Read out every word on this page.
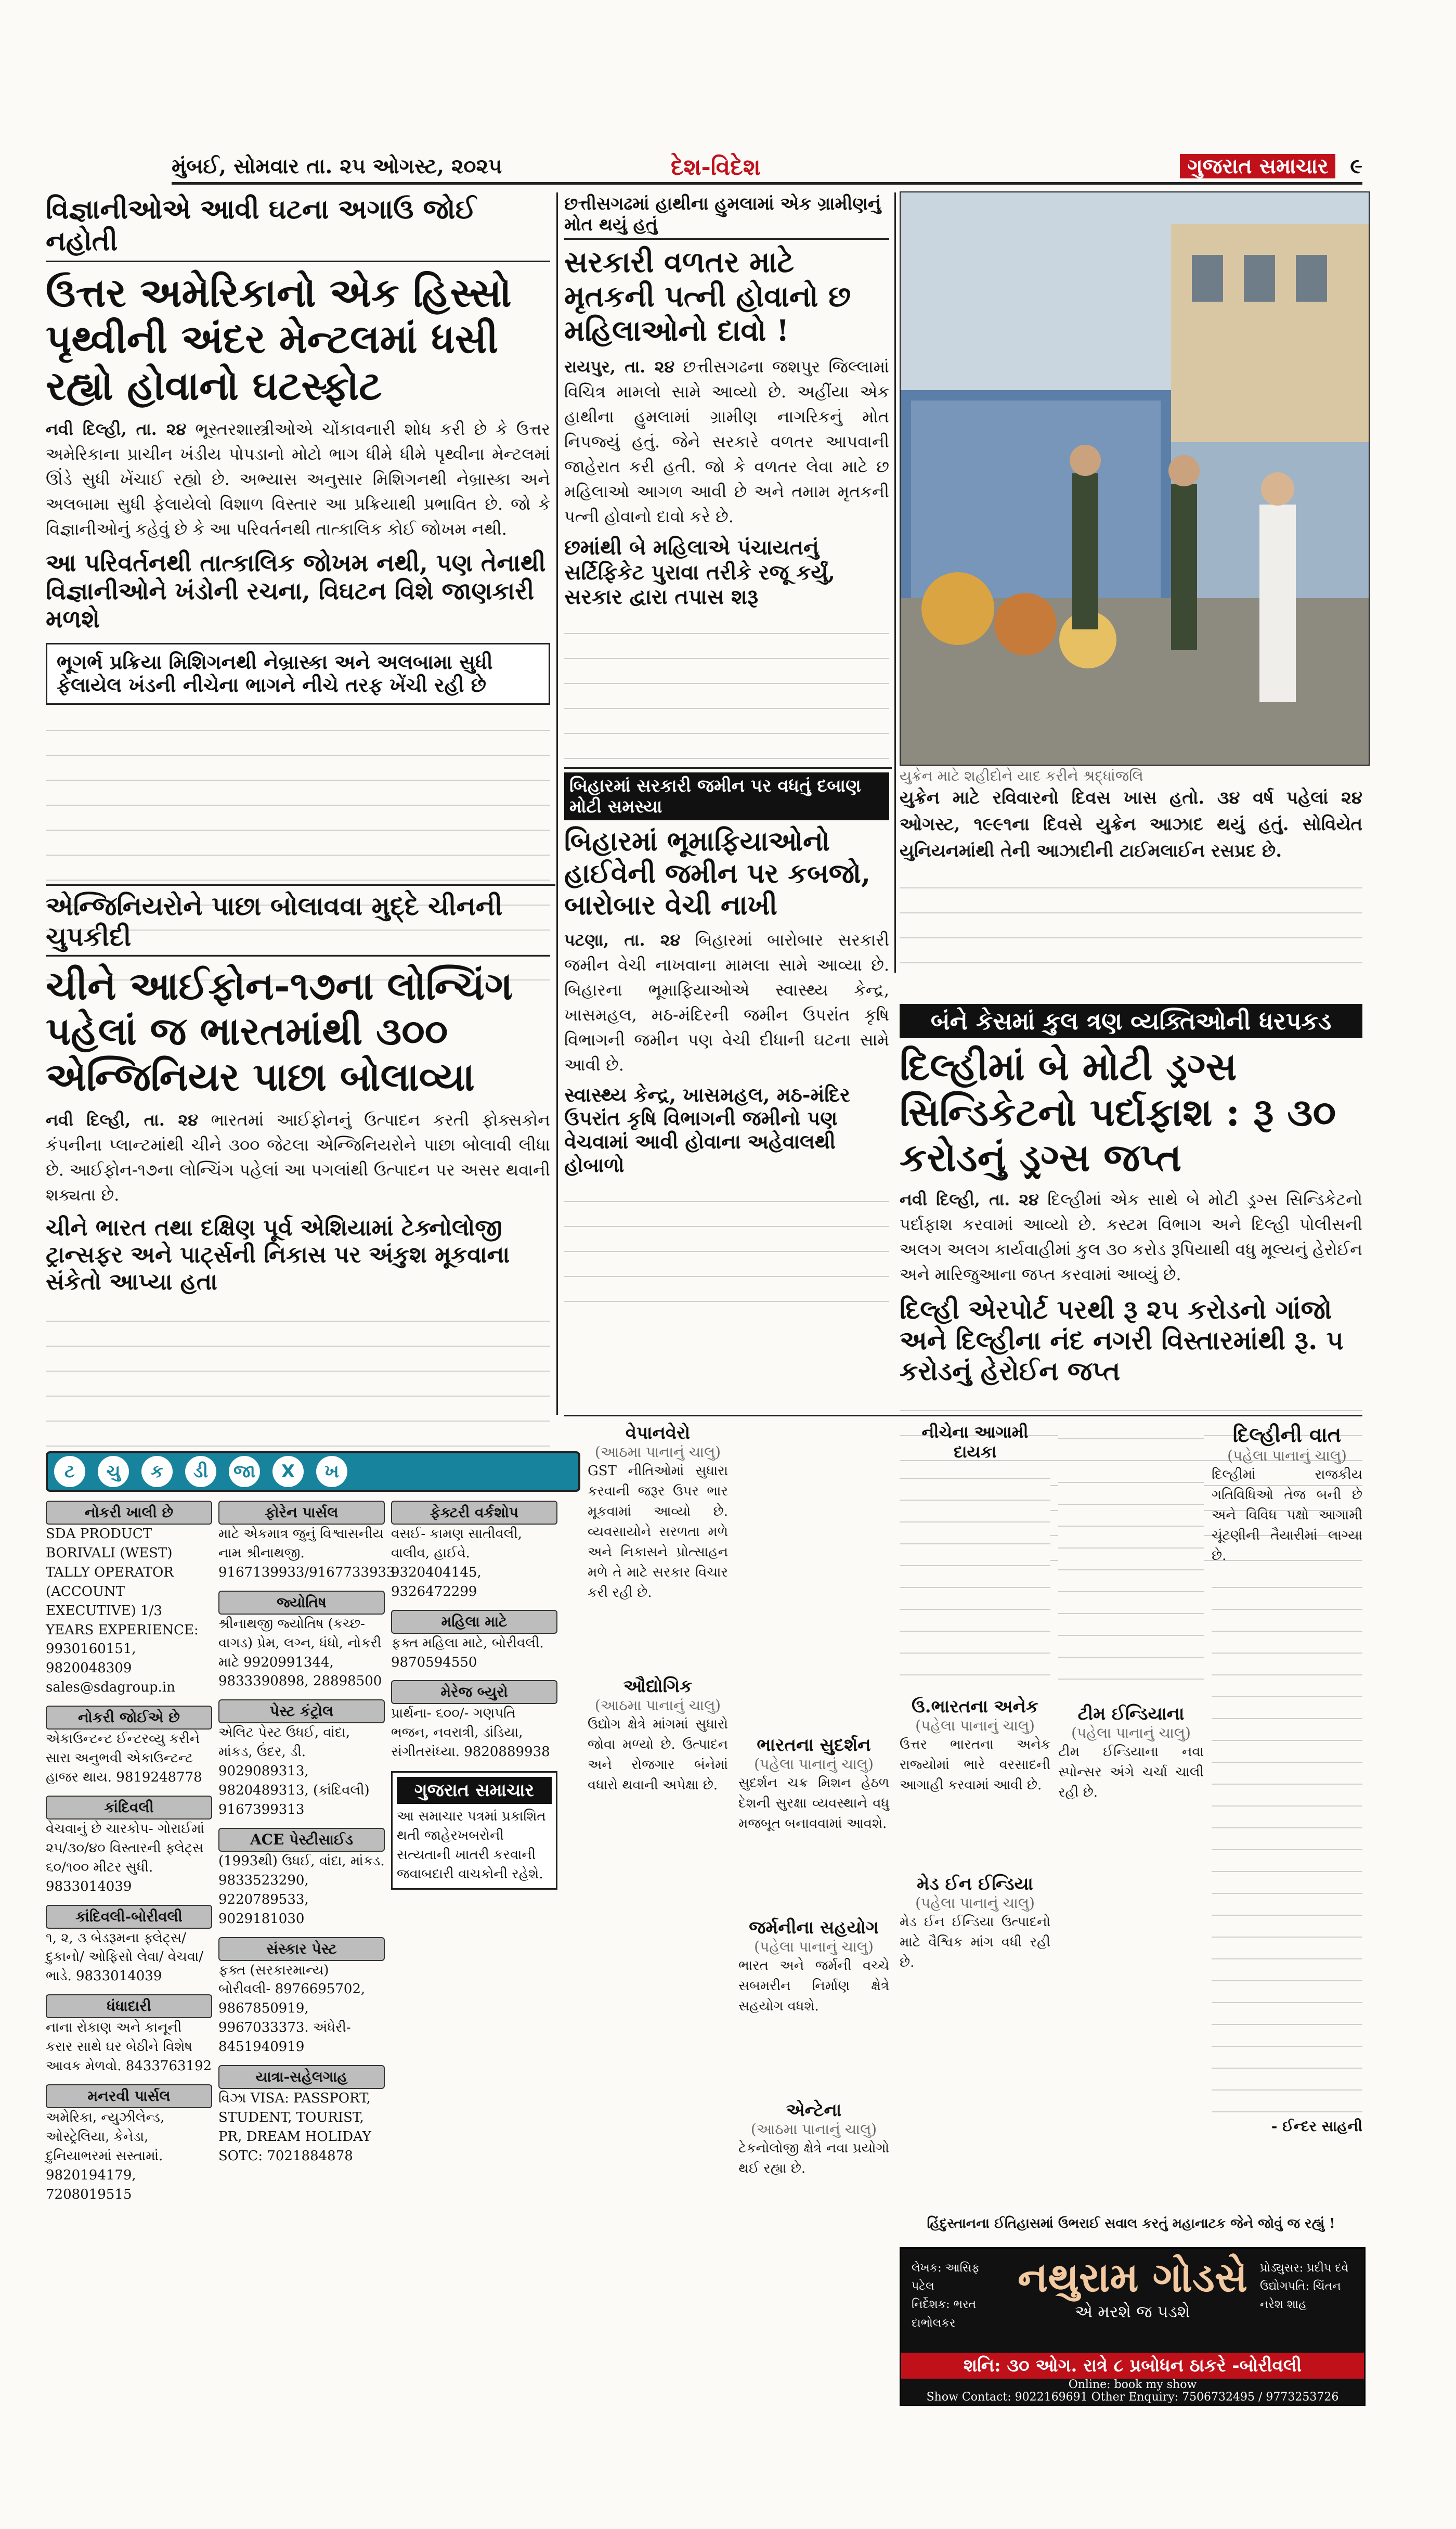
મુંબઈ, સોમવાર તા. ૨૫ ઓગસ્ટ, ૨૦૨૫	દેશ-વિદેશ	ગુજરાત સમાચાર ૯
વિજ્ઞાનીઓએ આવી ઘટના અગાઉ જોઈ નહોતી
ઉત્તર અમેરિકાનો એક હિસ્સો પૃથ્વીની અંદર મેન્ટલમાં ધસી રહ્યો હોવાનો ઘટસ્ફોટ
નવી દિલ્હી, તા. ૨૪ ભૂસ્તરશાસ્ત્રીઓએ ચોંકાવનારી શોધ કરી છે કે ઉત્તર અમેરિકાના પ્રાચીન ખંડીય પોપડાનો મોટો ભાગ ધીમે ધીમે પૃથ્વીના મેન્ટલમાં ઊંડે સુધી ખેંચાઈ રહ્યો છે. અભ્યાસ અનુસાર મિશિગનથી નેબ્રાસ્કા અને અલબામા સુધી ફેલાયેલો વિશાળ વિસ્તાર આ પ્રક્રિયાથી પ્રભાવિત છે. જો કે વિજ્ઞાનીઓનું કહેવું છે કે આ પરિવર્તનથી તાત્કાલિક કોઈ જોખમ નથી.
આ પરિવર્તનથી તાત્કાલિક જોખમ નથી, પણ તેનાથી વિજ્ઞાનીઓને ખંડોની રચના, વિઘટન વિશે જાણકારી મળશે
ભૂગર્ભ પ્રક્રિયા મિશિગનથી નેબ્રાસ્કા અને અલબામા સુધી ફેલાયેલ ખંડની નીચેના ભાગને નીચે તરફ ખેંચી રહી છે
એન્જિનિયરોને પાછા બોલાવવા મુદ્દે ચીનની ચુપકીદી
ચીને આઈફોન-૧૭ના લોન્ચિંગ પહેલાં જ ભારતમાંથી ૩૦૦ એન્જિનિયર પાછા બોલાવ્યા
નવી દિલ્હી, તા. ૨૪ ભારતમાં આઈફોનનું ઉત્પાદન કરતી ફોક્સકોન કંપનીના પ્લાન્ટમાંથી ચીને ૩૦૦ જેટલા એન્જિનિયરોને પાછા બોલાવી લીધા છે. આઈફોન-૧૭ના લોન્ચિંગ પહેલાં આ પગલાંથી ઉત્પાદન પર અસર થવાની શક્યતા છે.
ચીને ભારત તથા દક્ષિણ પૂર્વ એશિયામાં ટેક્નોલોજી ટ્રાન્સફર અને પાર્ટ્સની નિકાસ પર અંકુશ મૂકવાના સંકેતો આપ્યા હતા
છત્તીસગઢમાં હાથીના હુમલામાં એક ગ્રામીણનું મોત થયું હતું
સરકારી વળતર માટે મૃતકની પત્ની હોવાનો છ મહિલાઓનો દાવો !
રાયપુર, તા. ૨૪ છત્તીસગઢના જશપુર જિલ્લામાં વિચિત્ર મામલો સામે આવ્યો છે. અહીંયા એક હાથીના હુમલામાં ગ્રામીણ નાગરિકનું મોત નિપજ્યું હતું. જેને સરકારે વળતર આપવાની જાહેરાત કરી હતી. જો કે વળતર લેવા માટે છ મહિલાઓ આગળ આવી છે અને તમામ મૃતકની પત્ની હોવાનો દાવો કરે છે.
છમાંથી બે મહિલાએ પંચાયતનું સર્ટિફિકેટ પુરાવા તરીકે રજૂ કર્યું, સરકાર દ્વારા તપાસ શરૂ
બિહારમાં સરકારી જમીન પર વધતું દબાણ મોટી સમસ્યા
બિહારમાં ભૂમાફિયાઓનો હાઈવેની જમીન પર કબજો, બારોબાર વેચી નાખી
પટણા, તા. ૨૪ બિહારમાં બારોબાર સરકારી જમીન વેચી નાખવાના મામલા સામે આવ્યા છે. બિહારના ભૂમાફિયાઓએ સ્વાસ્થ્ય કેન્દ્ર, ખાસમહલ, મઠ-મંદિરની જમીન ઉપરાંત કૃષિ વિભાગની જમીન પણ વેચી દીધાની ઘટના સામે આવી છે.
સ્વાસ્થ્ય કેન્દ્ર, ખાસમહલ, મઠ-મંદિર ઉપરાંત કૃષિ વિભાગની જમીનો પણ વેચવામાં આવી હોવાના અહેવાલથી હોબાળો
યુક્રેન માટે શહીદોને યાદ કરીને શ્રદ્ધાંજલિ
યુક્રેન માટે રવિવારનો દિવસ ખાસ હતો. ૩૪ વર્ષ પહેલાં ૨૪ ઓગસ્ટ, ૧૯૯૧ના દિવસે યુક્રેન આઝાદ થયું હતું. સોવિયેત યુનિયનમાંથી તેની આઝાદીની ટાઈમલાઈન રસપ્રદ છે.
બંને કેસમાં કુલ ત્રણ વ્યક્તિઓની ધરપકડ
દિલ્હીમાં બે મોટી ડ્રગ્સ સિન્ડિકેટનો પર્દાફાશ : રૂ ૩૦ કરોડનું ડ્રગ્સ જપ્ત
નવી દિલ્હી, તા. ૨૪ દિલ્હીમાં એક સાથે બે મોટી ડ્રગ્સ સિન્ડિકેટનો પર્દાફાશ કરવામાં આવ્યો છે. કસ્ટમ વિભાગ અને દિલ્હી પોલીસની અલગ અલગ કાર્યવાહીમાં કુલ ૩૦ કરોડ રૂપિયાથી વધુ મૂલ્યનું હેરોઈન અને મારિજુઆના જપ્ત કરવામાં આવ્યું છે.
દિલ્હી એરપોર્ટ પરથી રૂ ૨૫ કરોડનો ગાંજો અને દિલ્હીના નંદ નગરી વિસ્તારમાંથી રૂ. ૫ કરોડનું હેરોઈન જપ્ત
વેપાનવેરો
(આઠમા પાનાનું ચાલુ)
GST નીતિઓમાં સુધારા કરવાની જરૂર ઉપર ભાર મૂકવામાં આવ્યો છે. વ્યવસાયોને સરળતા મળે અને નિકાસને પ્રોત્સાહન મળે તે માટે સરકાર વિચાર કરી રહી છે.
ઔદ્યોગિક
(આઠમા પાનાનું ચાલુ)
ઉદ્યોગ ક્ષેત્રે માંગમાં સુધારો જોવા મળ્યો છે. ઉત્પાદન અને રોજગાર બંનેમાં વધારો થવાની અપેક્ષા છે.
ભારતના સુદર્શન
(પહેલા પાનાનું ચાલુ)
સુદર્શન ચક્ર મિશન હેઠળ દેશની સુરક્ષા વ્યવસ્થાને વધુ મજબૂત બનાવવામાં આવશે.
જર્મનીના સહયોગ
(પહેલા પાનાનું ચાલુ)
ભારત અને જર્મની વચ્ચે સબમરીન નિર્માણ ક્ષેત્રે સહયોગ વધશે.
એન્ટેના
(આઠમા પાનાનું ચાલુ)
ટેકનોલોજી ક્ષેત્રે નવા પ્રયોગો થઈ રહ્યા છે.
નીચેના આગામી દાયકા
ઉ.ભારતના અનેક
(પહેલા પાનાનું ચાલુ)
ઉત્તર ભારતના અનેક રાજ્યોમાં ભારે વરસાદની આગાહી કરવામાં આવી છે.
મેડ ઈન ઈન્ડિયા
(પહેલા પાનાનું ચાલુ)
મેડ ઈન ઈન્ડિયા ઉત્પાદનો માટે વૈશ્વિક માંગ વધી રહી છે.
ટીમ ઈન્ડિયાના
(પહેલા પાનાનું ચાલુ)
ટીમ ઈન્ડિયાના નવા સ્પોન્સર અંગે ચર્ચા ચાલી રહી છે.
દિલ્હીની વાત
(પહેલા પાનાનું ચાલુ)
દિલ્હીમાં રાજકીય ગતિવિધિઓ તેજ બની છે અને વિવિધ પક્ષો આગામી ચૂંટણીની તૈયારીમાં લાગ્યા છે.
- ઈન્દર સાહની
ટ ચુ ક ડી જા X ખ
નોકરી ખાલી છે
SDA PRODUCT BORIVALI (WEST) TALLY OPERATOR (ACCOUNT EXECUTIVE) 1/3 YEARS EXPERIENCE: 9930160151, 9820048309 sales@sdagroup.in
નોકરી જોઈએ છે
એકાઉન્ટન્ટ ઈન્ટરવ્યુ કરીને સારા અનુભવી એકાઉન્ટન્ટ હાજર થાય. 9819248778
કાંદિવલી
વેચવાનું છે ચારકોપ- ગોરાઈમાં ૨૫/૩૦/૪૦ વિસ્તારની ફ્લેટ્સ ૬૦/૧૦૦ મીટર સુધી. 9833014039
કાંદિવલી-બોરીવલી
૧, ૨, ૩ બેડરૂમના ફ્લેટ્સ/ દુકાનો/ ઓફિસો લેવા/ વેચવા/ ભાડે. 9833014039
ધંધાદારી
નાના રોકાણ અને કાનૂની કરાર સાથે ઘર બેઠીને વિશેષ આવક મેળવો. 8433763192
મનરવી પાર્સલ
અમેરિકા, ન્યુઝીલેન્ડ, ઓસ્ટ્રેલિયા, કેનેડા, દુનિયાભરમાં સસ્તામાં. 9820194179, 7208019515
ફોરેન પાર્સલ
માટે એકમાત્ર જુનું વિશ્વાસનીય નામ શ્રીનાથજી. 9167139933/9167733933
જ્યોતિષ
શ્રીનાથજી જ્યોતિષ (કચ્છ-વાગડ) પ્રેમ, લગ્ન, ધંધો, નોકરી માટે 9920991344, 9833390898, 28898500
પેસ્ટ કંટ્રોલ
એલિટ પેસ્ટ ઉધઈ, વાંદા, માંકડ, ઉંદર, ડી. 9029089313, 9820489313, (કાંદિવલી) 9167399313
ACE પેસ્ટીસાઈડ
(1993થી) ઉધઈ, વાંદા, માંકડ. 9833523290, 9220789533, 9029181030
સંસ્કાર પેસ્ટ
ફક્ત (સરકારમાન્ય) બોરીવલી- 8976695702, 9867850919, 9967033373. અંધેરી- 8451940919
યાત્રા-સહેલગાહ
વિઝા VISA: PASSPORT, STUDENT, TOURIST, PR, DREAM HOLIDAY SOTC: 7021884878
ફેક્ટરી વર્કશોપ
વસઈ- કામણ સાતીવલી, વાલીવ, હાઈવે. 9320404145, 9326472299
મહિલા માટે
ફક્ત મહિલા માટે, બોરીવલી. 9870594550
મેરેજ બ્યુરો
પ્રાર્થના- ૬૦૦/- ગણપતિ ભજન, નવરાત્રી, ડાંડિયા, સંગીતસંધ્યા. 9820889938
ગુજરાત સમાચાર
આ સમાચાર પત્રમાં પ્રકાશિત થતી જાહેરખબરોની સત્યતાની ખાતરી કરવાની જવાબદારી વાચકોની રહેશે.
હિંદુસ્તાનના ઈતિહાસમાં ઉભરાઈ સવાલ કરતું મહાનાટક જેને જોવું જ રહ્યું !
લેખક: આસિફ પટેલ
નિર્દેશક: ભરત દાભોલકર
નથુરામ ગોડસે
એ મરશે જ પડશે
પ્રોડ્યુસર: પ્રદીપ દવે
ઉદ્યોગપતિ: ચિંતન નરેશ શાહ
શનિ: ૩૦ ઓગ. રાત્રે ૮ પ્રબોધન ઠાકરે -બોરીવલી
Online: book my show
Show Contact: 9022169691 Other Enquiry: 7506732495 / 9773253726
